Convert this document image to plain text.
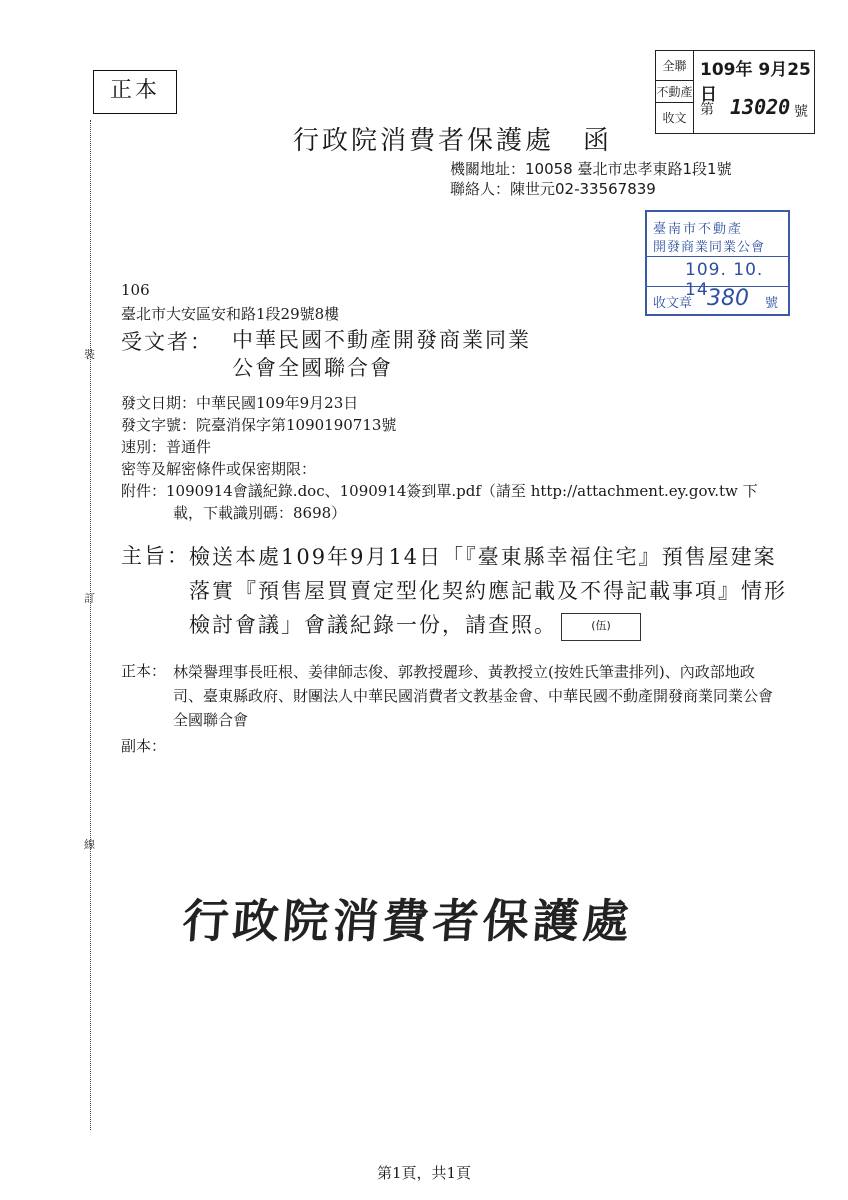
正本
裝
訂
線
全聯
不動產
收文
109年 9月25日
第 13020 號
行政院消費者保護處　函
機關地址：10058 臺北市忠孝東路1段1號
聯絡人：陳世元02-33567839
臺南市不動產
開發商業同業公會
109. 10. 14
收文章 380 號
106
臺北市大安區安和路1段29號8樓
受文者： 中華民國不動產開發商業同業公會全國聯合會
發文日期：中華民國109年9月23日
發文字號：院臺消保字第1090190713號
速別：普通件
密等及解密條件或保密期限：
附件：1090914會議紀錄.doc、1090914簽到單.pdf（請至 http://attachment.ey.gov.tw 下
載，下載識別碼：8698）
主旨： 檢送本處109年9月14日「『臺東縣幸福住宅』預售屋建案落實『預售屋買賣定型化契約應記載及不得記載事項』情形檢討會議」會議紀錄一份，請查照。	(伍)
正本： 林榮譽理事長旺根、姜律師志俊、郭教授麗珍、黃教授立(按姓氏筆畫排列)、內政部地政司、臺東縣政府、財團法人中華民國消費者文教基金會、中華民國不動產開發商業同業公會全國聯合會
副本：
行政院消費者保護處
第1頁，共1頁
